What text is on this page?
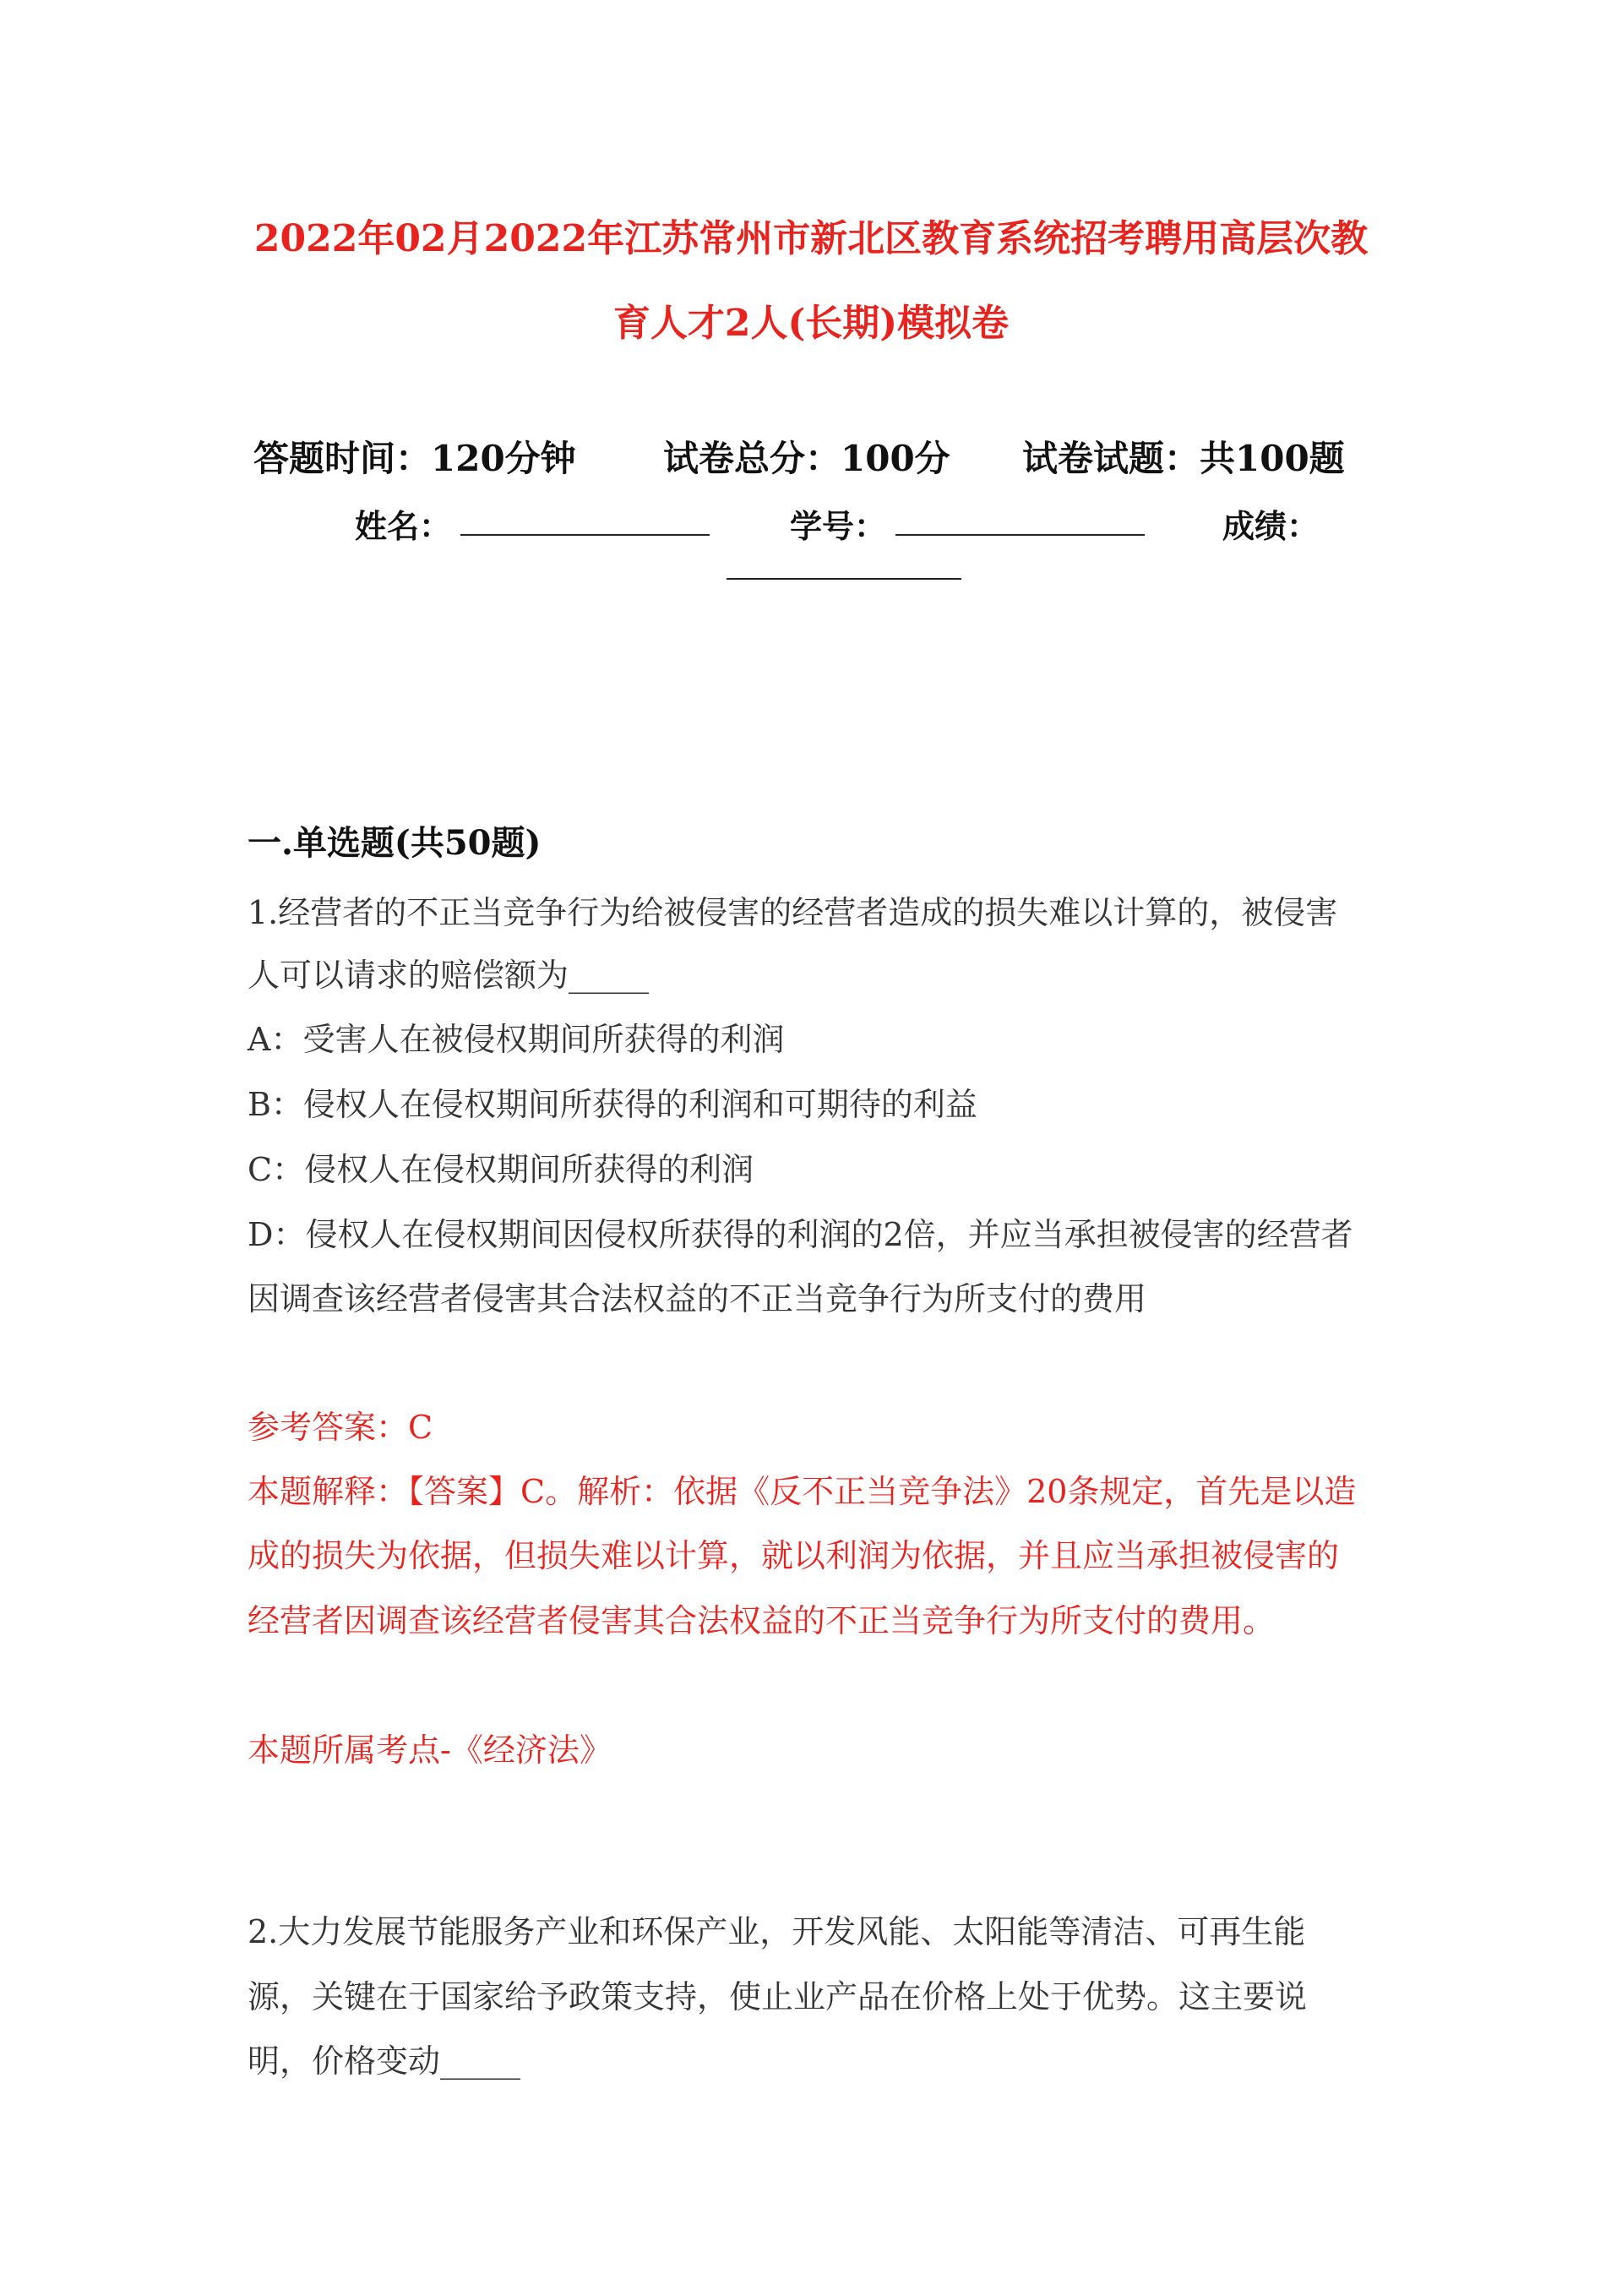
2022年02月2022年江苏常州市新北区教育系统招考聘用高层次教
育人才2人(长期)模拟卷
答题时间：120分钟 试卷总分：100分 试卷试题：共100题
姓名：	学号：	成绩：
一.单选题(共50题)
1.经营者的不正当竞争行为给被侵害的经营者造成的损失难以计算的，被侵害
人可以请求的赔偿额为_____
A：受害人在被侵权期间所获得的利润
B：侵权人在侵权期间所获得的利润和可期待的利益
C：侵权人在侵权期间所获得的利润
D：侵权人在侵权期间因侵权所获得的利润的2倍，并应当承担被侵害的经营者
因调查该经营者侵害其合法权益的不正当竞争行为所支付的费用
参考答案：C
本题解释：【答案】C。解析：依据《反不正当竞争法》20条规定，首先是以造
成的损失为依据，但损失难以计算，就以利润为依据，并且应当承担被侵害的
经营者因调查该经营者侵害其合法权益的不正当竞争行为所支付的费用。
本题所属考点-《经济法》
2.大力发展节能服务产业和环保产业，开发风能、太阳能等清洁、可再生能
源，关键在于国家给予政策支持，使止业产品在价格上处于优势。这主要说
明，价格变动_____
